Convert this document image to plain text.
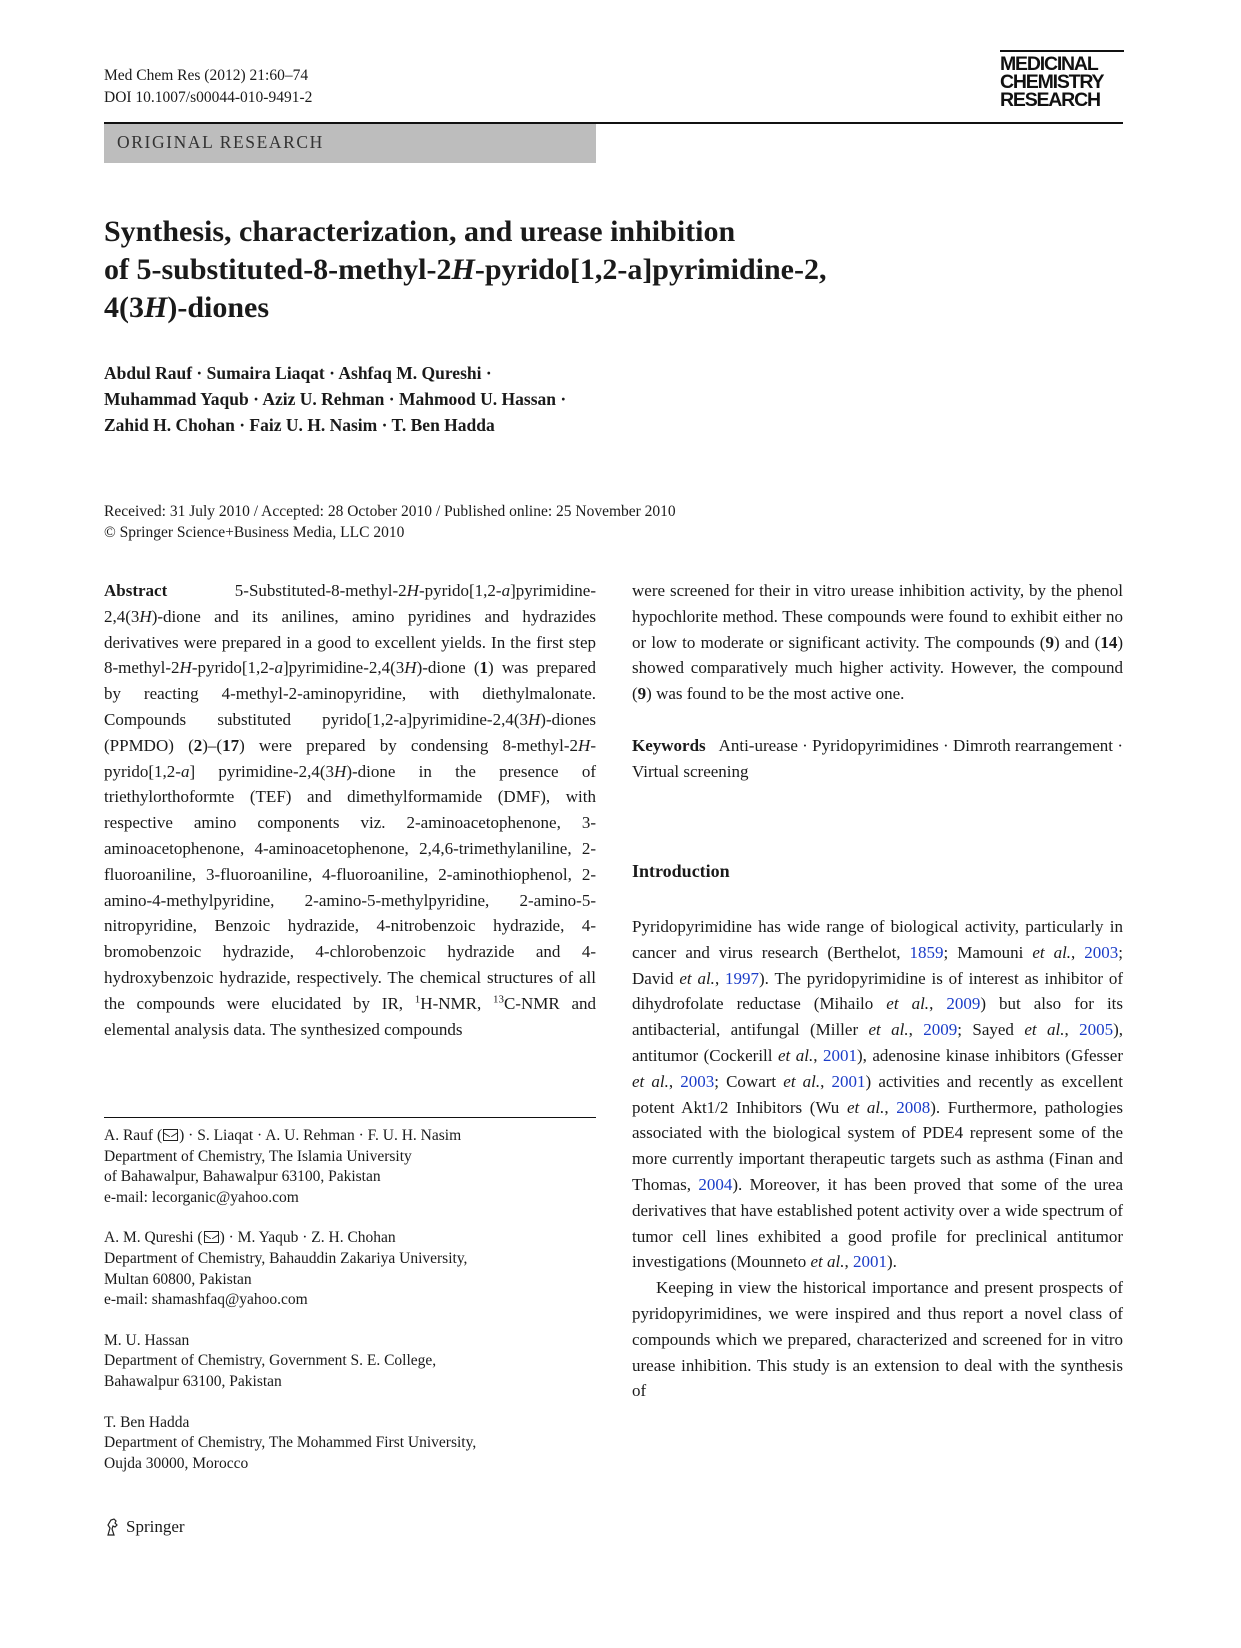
Med Chem Res (2012) 21:60–74
DOI 10.1007/s00044-010-9491-2
MEDICINAL
CHEMISTRY
RESEARCH
ORIGINAL RESEARCH
Synthesis, characterization, and urease inhibition
of 5-substituted-8-methyl-2H-pyrido[1,2-a]pyrimidine-2,
4(3H)-diones
Abdul Rauf · Sumaira Liaqat · Ashfaq M. Qureshi ·
Muhammad Yaqub · Aziz U. Rehman · Mahmood U. Hassan ·
Zahid H. Chohan · Faiz U. H. Nasim · T. Ben Hadda
Received: 31 July 2010 / Accepted: 28 October 2010 / Published online: 25 November 2010
© Springer Science+Business Media, LLC 2010

Abstract	5-Substituted-8-methyl-2H-pyrido[1,2-a]pyrimidine-2,4(3H)-dione and its anilines, amino pyridines and hydrazides derivatives were prepared in a good to excellent yields. In the first step 8-methyl-2H-pyrido[1,2-a]pyrimidine-2,4(3H)-dione (1) was prepared by reacting 4-methyl-2-aminopyridine, with diethylmalonate. Compounds substituted pyrido[1,2-a]pyrimidine-2,4(3H)-diones (PPMDO) (2)–(17) were prepared by condensing 8-methyl-2H-pyrido[1,2-a] pyrimidine-2,4(3H)-dione in the presence of triethylorthoformte (TEF) and dimethylformamide (DMF), with respective amino components viz. 2-aminoacetophenone, 3-aminoacetophenone, 4-aminoacetophenone, 2,4,6-trimethylaniline, 2-fluoroaniline, 3-fluoroaniline, 4-fluoroaniline, 2-aminothiophenol, 2-amino-4-methylpyridine, 2-amino-5-methylpyridine, 2-amino-5-nitropyridine, Benzoic hydrazide, 4-nitrobenzoic hydrazide, 4-bromobenzoic hydrazide, 4-chlorobenzoic hydrazide and 4-hydroxybenzoic hydrazide, respectively. The chemical structures of all the compounds were elucidated by IR, $^1$H-NMR, $^{13}$C-NMR and elemental analysis data. The synthesized compounds

were screened for their in vitro urease inhibition activity, by the phenol hypochlorite method. These compounds were found to exhibit either no or low to moderate or significant activity. The compounds (9) and (14) showed comparatively much higher activity. However, the compound (9) was found to be the most active one.

Keywords Anti-urease · Pyridopyrimidines · Dimroth rearrangement · Virtual screening

Introduction

Pyridopyrimidine has wide range of biological activity, particularly in cancer and virus research (Berthelot, 1859; Mamouni et al., 2003; David et al., 1997). The pyridopyrimidine is of interest as inhibitor of dihydrofolate reductase (Mihailo et al., 2009) but also for its antibacterial, antifungal (Miller et al., 2009; Sayed et al., 2005), antitumor (Cockerill et al., 2001), adenosine kinase inhibitors (Gfesser et al., 2003; Cowart et al., 2001) activities and recently as excellent potent Akt1/2 Inhibitors (Wu et al., 2008). Furthermore, pathologies associated with the biological system of PDE4 represent some of the more currently important therapeutic targets such as asthma (Finan and Thomas, 2004). Moreover, it has been proved that some of the urea derivatives that have established potent activity over a wide spectrum of tumor cell lines exhibited a good profile for preclinical antitumor investigations (Mounneto et al., 2001).

Keeping in view the historical importance and present prospects of pyridopyrimidines, we were inspired and thus report a novel class of compounds which we prepared, characterized and screened for in vitro urease inhibition. This study is an extension to deal with the synthesis of

A. Rauf ( ) · S. Liaqat · A. U. Rehman · F. U. H. Nasim
Department of Chemistry, The Islamia University
of Bahawalpur, Bahawalpur 63100, Pakistan
e-mail: lecorganic@yahoo.com
A. M. Qureshi ( ) · M. Yaqub · Z. H. Chohan
Department of Chemistry, Bahauddin Zakariya University,
Multan 60800, Pakistan
e-mail: shamashfaq@yahoo.com
M. U. Hassan
Department of Chemistry, Government S. E. College,
Bahawalpur 63100, Pakistan
T. Ben Hadda
Department of Chemistry, The Mohammed First University,
Oujda 30000, Morocco
Springer
